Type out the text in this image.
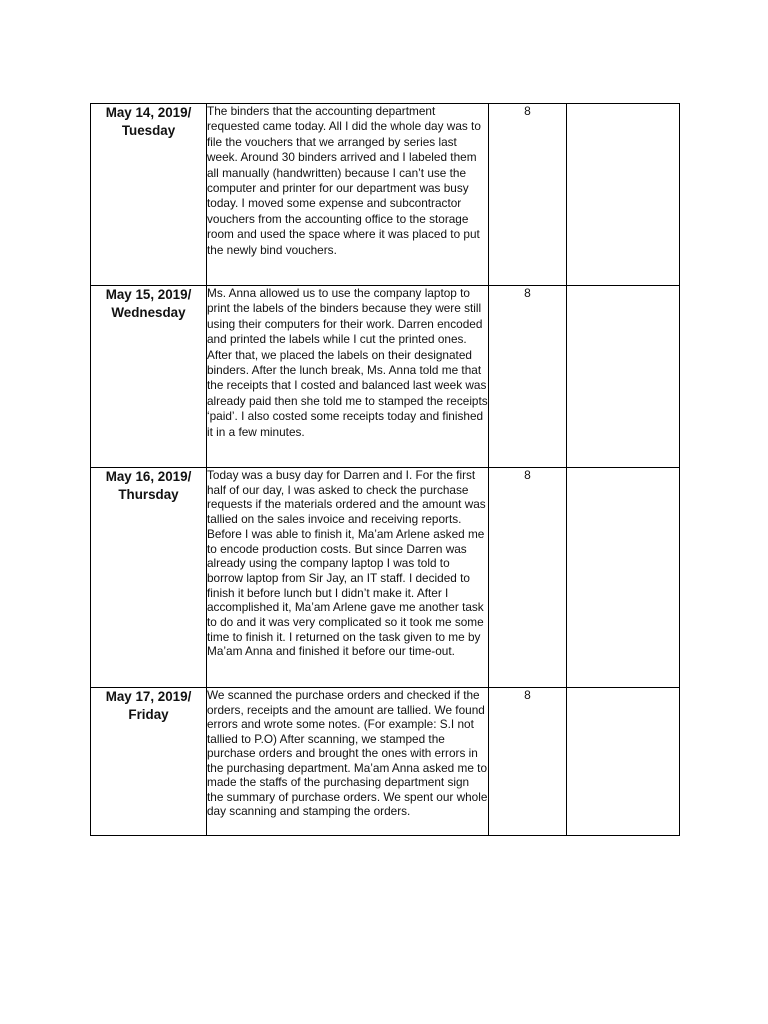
May 14, 2019/
Tuesday	The binders that the accounting department requested came today. All I did the whole day was to file the vouchers that we arranged by series last week. Around 30 binders arrived and I labeled them all manually (handwritten) because I can’t use the computer and printer for our department was busy today. I moved some expense and subcontractor vouchers from the accounting office to the storage room and used the space where it was placed to put the newly bind vouchers.	8	

May 15, 2019/
Wednesday	Ms. Anna allowed us to use the company laptop to print the labels of the binders because they were still using their computers for their work. Darren encoded and printed the labels while I cut the printed ones. After that, we placed the labels on their designated binders. After the lunch break, Ms. Anna told me that the receipts that I costed and balanced last week was already paid then she told me to stamped the receipts ‘paid’. I also costed some receipts today and finished it in a few minutes.	8	

May 16, 2019/
Thursday	Today was a busy day for Darren and I. For the first half of our day, I was asked to check the purchase requests if the materials ordered and the amount was tallied on the sales invoice and receiving reports. Before I was able to finish it, Ma’am Arlene asked me to encode production costs. But since Darren was already using the company laptop I was told to borrow laptop from Sir Jay, an IT staff. I decided to finish it before lunch but I didn’t make it. After I accomplished it, Ma’am Arlene gave me another task to do and it was very complicated so it took me some time to finish it. I returned on the task given to me by Ma’am Anna and finished it before our time-out.	8	

May 17, 2019/
Friday	We scanned the purchase orders and checked if the orders, receipts and the amount are tallied. We found errors and wrote some notes. (For example: S.I not tallied to P.O) After scanning, we stamped the purchase orders and brought the ones with errors in the purchasing department. Ma’am Anna asked me to made the staffs of the purchasing department sign the summary of purchase orders. We spent our whole day scanning and stamping the orders.	8	
